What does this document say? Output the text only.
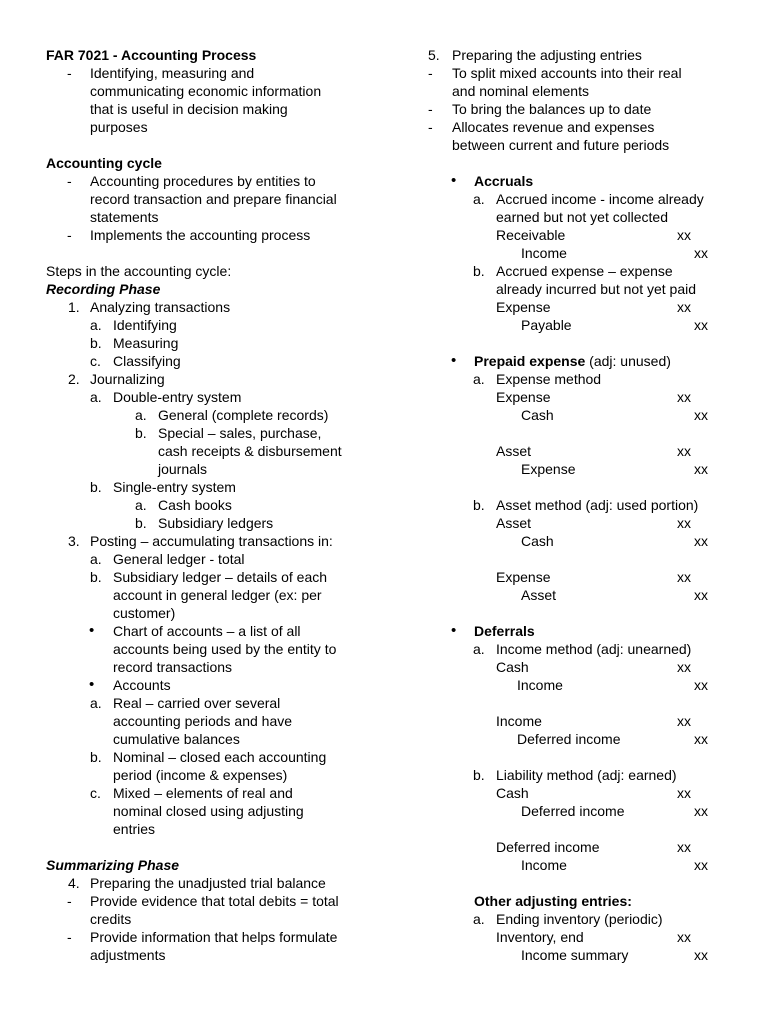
FAR 7021 - Accounting Process
- Identifying, measuring and
communicating economic information
that is useful in decision making
purposes
Accounting cycle
- Accounting procedures by entities to
record transaction and prepare financial
statements
- Implements the accounting process
Steps in the accounting cycle:
Recording Phase
1. Analyzing transactions
a. Identifying
b. Measuring
c. Classifying
2. Journalizing
a. Double-entry system
a. General (complete records)
b. Special – sales, purchase,
cash receipts & disbursement
journals
b. Single-entry system
a. Cash books
b. Subsidiary ledgers
3. Posting – accumulating transactions in:
a. General ledger - total
b. Subsidiary ledger – details of each
account in general ledger (ex: per
customer)
• Chart of accounts – a list of all
accounts being used by the entity to
record transactions
• Accounts
a. Real – carried over several
accounting periods and have
cumulative balances
b. Nominal – closed each accounting
period (income & expenses)
c. Mixed – elements of real and
nominal closed using adjusting
entries
Summarizing Phase
4. Preparing the unadjusted trial balance
- Provide evidence that total debits = total
credits
- Provide information that helps formulate
adjustments
5. Preparing the adjusting entries
- To split mixed accounts into their real
and nominal elements
- To bring the balances up to date
- Allocates revenue and expenses
between current and future periods
• Accruals
a. Accrued income - income already
earned but not yet collected
Receivable	xx
Income	xx
b. Accrued expense – expense
already incurred but not yet paid
Expense	xx
Payable	xx
• Prepaid expense (adj: unused)
a. Expense method
Expense	xx
Cash	xx
Asset	xx
Expense	xx
b. Asset method (adj: used portion)
Asset	xx
Cash	xx
Expense	xx
Asset	xx
• Deferrals
a. Income method (adj: unearned)
Cash	xx
Income	xx
Income	xx
Deferred income	xx
b. Liability method (adj: earned)
Cash	xx
Deferred income	xx
Deferred income	xx
Income	xx
Other adjusting entries:
a. Ending inventory (periodic)
Inventory, end	xx
Income summary	xx
